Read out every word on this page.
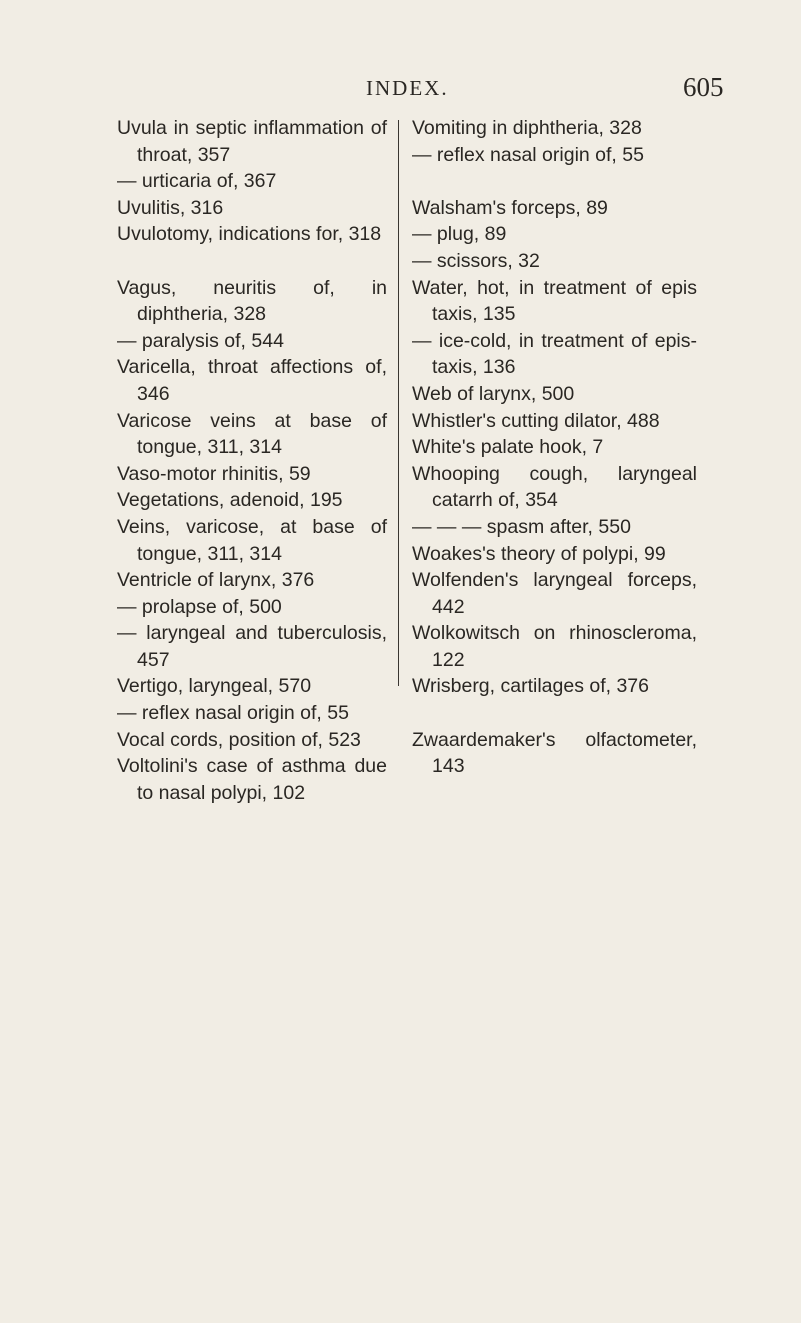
INDEX.	605
Uvula in septic inflammation of throat, 357
— urticaria of, 367
Uvulitis, 316
Uvulotomy, indications for, 318
Vagus, neuritis of, in diphtheria, 328
— paralysis of, 544
Varicella, throat affections of, 346
Varicose veins at base of tongue, 311, 314
Vaso-motor rhinitis, 59
Vegetations, adenoid, 195
Veins, varicose, at base of tongue, 311, 314
Ventricle of larynx, 376
— prolapse of, 500
— laryngeal and tuberculosis, 457
Vertigo, laryngeal, 570
— reflex nasal origin of, 55
Vocal cords, position of, 523
Voltolini's case of asthma due to nasal polypi, 102
Vomiting in diphtheria, 328
— reflex nasal origin of, 55
Walsham's forceps, 89
— plug, 89
— scissors, 32
Water, hot, in treatment of epis taxis, 135
— ice-cold, in treatment of epis- taxis, 136
Web of larynx, 500
Whistler's cutting dilator, 488
White's palate hook, 7
Whooping cough, laryngeal catarrh of, 354
— — — spasm after, 550
Woakes's theory of polypi, 99
Wolfenden's laryngeal forceps, 442
Wolkowitsch on rhinoscleroma, 122
Wrisberg, cartilages of, 376
Zwaardemaker's olfactometer, 143
